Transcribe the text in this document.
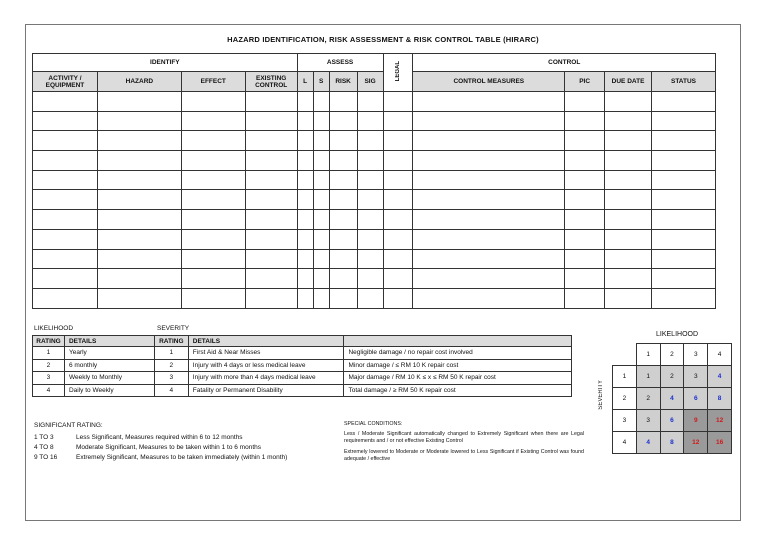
HAZARD IDENTIFICATION, RISK ASSESSMENT & RISK CONTROL TABLE (HIRARC)
IDENTIFY				ASSESS				LEGAL	CONTROL			
ACTIVITY / EQUIPMENT	HAZARD	EFFECT	EXISTING CONTROL	L	S	RISK	SIG		CONTROL MEASURES	PIC	DUE DATE	STATUS

LIKELIHOOD	SEVERITY
RATING	DETAILS	RATING	DETAILS	
1	Yearly	1	First Aid & Near Misses	Negligible damage / no repair cost involved
2	6 monthly	2	Injury with 4 days or less medical leave	Minor damage / ≤ RM 10 K repair cost
3	Weekly to Monthly	3	Injury with more than 4 days medical leave	Major damage / RM 10 K ≤ x ≤ RM 50 K repair cost
4	Daily to Weekly	4	Fatality or Permanent Disability	Total damage / ≥ RM 50 K repair cost
SIGNIFICANT RATING:
1 TO 3	Less Significant, Measures required within 6 to 12 months
4 TO 8	Moderate Significant, Measures to be taken within 1 to 6 months
9 TO 16	Extremely Significant, Measures to be taken immediately (within 1 month)
SPECIAL CONDITIONS:
Less / Moderate Significant automatically changed to Extremely Significant when there are Legal requirements and / or not effective Existing Control
Extremely lowered to Moderate or Moderate lowered to Less Significant if Existing Control was found adequate / effective
LIKELIHOOD
SEVERITY
	1	2	3	4
1	1	2	3	4
2	2	4	6	8
3	3	6	9	12
4	4	8	12	16
